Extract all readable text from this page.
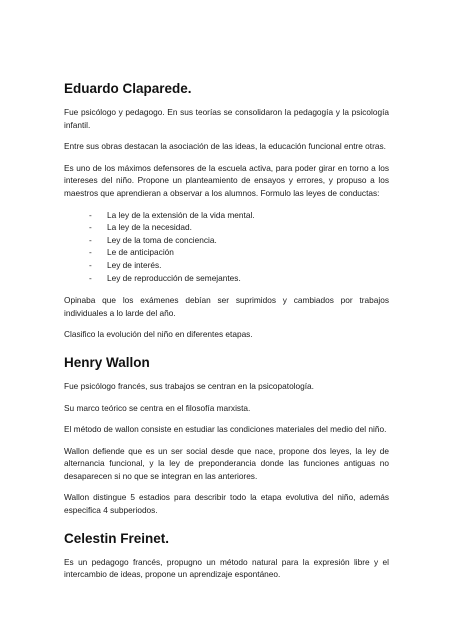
Eduardo Claparede.

Fue psicólogo y pedagogo. En sus teorías se consolidaron la pedagogía y la psicología infantil.

Entre sus obras destacan la asociación de las ideas, la educación funcional entre otras.

Es uno de los máximos defensores de la escuela activa, para poder girar en torno a los intereses del niño. Propone un planteamiento de ensayos y errores, y propuso a los maestros que aprendieran a observar a los alumnos. Formulo las leyes de conductas:

- La ley de la extensión de la vida mental.
- La ley de la necesidad.
- Ley de la toma de conciencia.
- Le de anticipación
- Ley de interés.
- Ley de reproducción de semejantes.

Opinaba que los exámenes debían ser suprimidos y cambiados por trabajos individuales a lo larde del año.

Clasifico la evolución del niño en diferentes etapas.

Henry Wallon

Fue psicólogo francés, sus trabajos se centran en la psicopatología.

Su marco teórico se centra en el filosofía marxista.

El método de wallon consiste en estudiar las condiciones materiales del medio del niño.

Wallon defiende que es un ser social desde que nace, propone dos leyes, la ley de alternancia funcional, y la ley de preponderancia donde las funciones antiguas no desaparecen si no que se integran en las anteriores.

Wallon distingue 5 estadios para describir todo la etapa evolutiva del niño, además especifica 4 subperiodos.

Celestin Freinet.

Es un pedagogo francés, propugno un método natural para la expresión libre y el intercambio de ideas, propone un aprendizaje espontáneo.
